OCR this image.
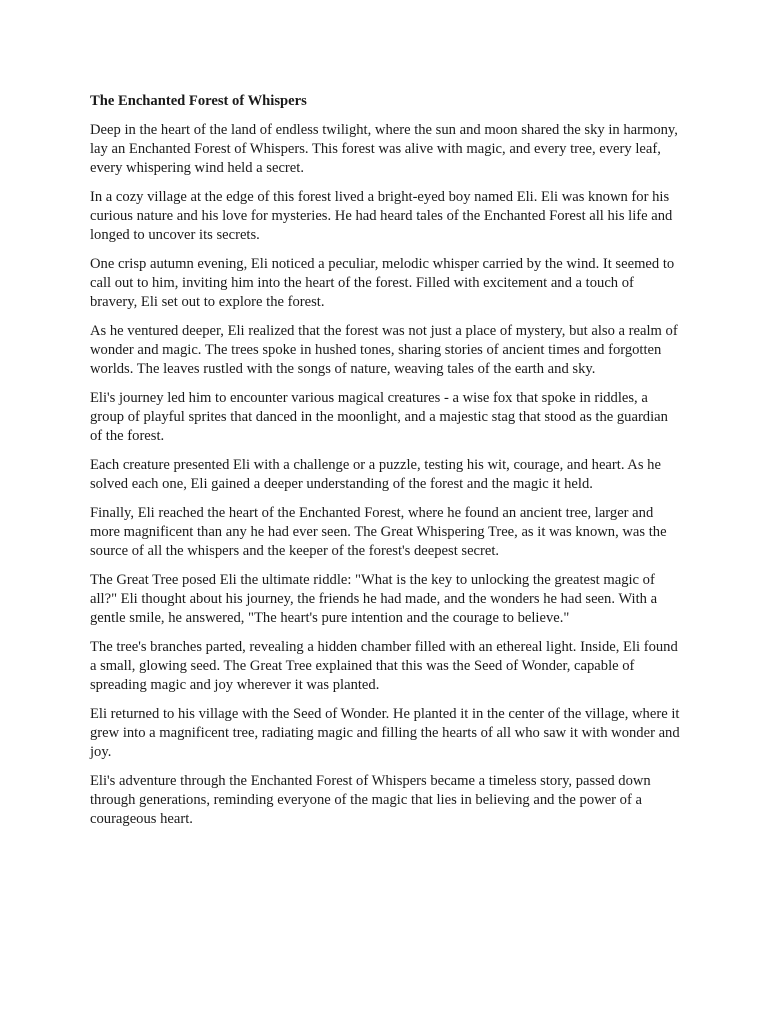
The Enchanted Forest of Whispers

Deep in the heart of the land of endless twilight, where the sun and moon shared the sky in harmony, lay an Enchanted Forest of Whispers. This forest was alive with magic, and every tree, every leaf, every whispering wind held a secret.

In a cozy village at the edge of this forest lived a bright-eyed boy named Eli. Eli was known for his curious nature and his love for mysteries. He had heard tales of the Enchanted Forest all his life and longed to uncover its secrets.

One crisp autumn evening, Eli noticed a peculiar, melodic whisper carried by the wind. It seemed to call out to him, inviting him into the heart of the forest. Filled with excitement and a touch of bravery, Eli set out to explore the forest.

As he ventured deeper, Eli realized that the forest was not just a place of mystery, but also a realm of wonder and magic. The trees spoke in hushed tones, sharing stories of ancient times and forgotten worlds. The leaves rustled with the songs of nature, weaving tales of the earth and sky.

Eli's journey led him to encounter various magical creatures - a wise fox that spoke in riddles, a group of playful sprites that danced in the moonlight, and a majestic stag that stood as the guardian of the forest.

Each creature presented Eli with a challenge or a puzzle, testing his wit, courage, and heart. As he solved each one, Eli gained a deeper understanding of the forest and the magic it held.

Finally, Eli reached the heart of the Enchanted Forest, where he found an ancient tree, larger and more magnificent than any he had ever seen. The Great Whispering Tree, as it was known, was the source of all the whispers and the keeper of the forest's deepest secret.

The Great Tree posed Eli the ultimate riddle: "What is the key to unlocking the greatest magic of all?" Eli thought about his journey, the friends he had made, and the wonders he had seen. With a gentle smile, he answered, "The heart's pure intention and the courage to believe."

The tree's branches parted, revealing a hidden chamber filled with an ethereal light. Inside, Eli found a small, glowing seed. The Great Tree explained that this was the Seed of Wonder, capable of spreading magic and joy wherever it was planted.

Eli returned to his village with the Seed of Wonder. He planted it in the center of the village, where it grew into a magnificent tree, radiating magic and filling the hearts of all who saw it with wonder and joy.

Eli's adventure through the Enchanted Forest of Whispers became a timeless story, passed down through generations, reminding everyone of the magic that lies in believing and the power of a courageous heart.
